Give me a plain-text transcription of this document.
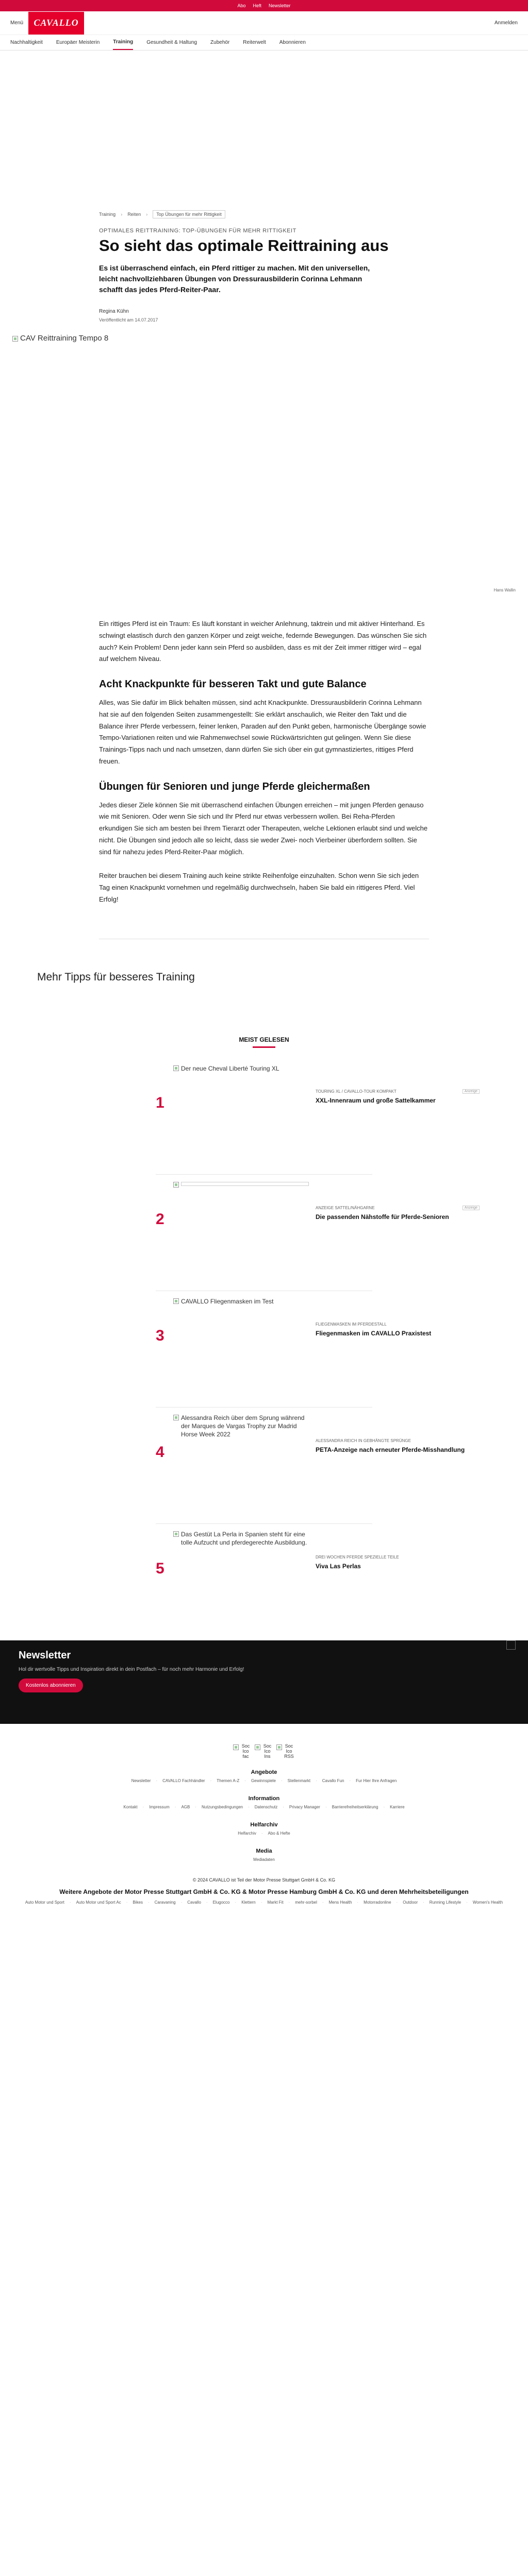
Abo Heft Newsletter
Menü	CAVALLO	Anmelden
Nachhaltigkeit	Europäer Meisterin	Training	Gesundheit & Haltung	Zubehör	Reiterwelt	Abonnieren
Training › Reiten ›	Top Übungen für mehr Rittigkeit
OPTIMALES REITTRAINING: TOP-ÜBUNGEN FÜR MEHR RITTIGKEIT
So sieht das optimale Reittraining aus

Es ist überraschend einfach, ein Pferd rittiger zu machen. Mit den universellen, leicht nachvollziehbaren Übungen von Dressurausbilderin Corinna Lehmann schafft das jedes Pferd-Reiter-Paar.

Regina Kühn
Veröffentlicht am 14.07.2017
CAV Reittraining Tempo 8
Hans Wallin

Ein rittiges Pferd ist ein Traum: Es läuft konstant in weicher Anlehnung, taktrein und mit aktiver Hinterhand. Es schwingt elastisch durch den ganzen Körper und zeigt weiche, federnde Bewegungen. Das wünschen Sie sich auch? Kein Problem! Denn jeder kann sein Pferd so ausbilden, dass es mit der Zeit immer rittiger wird – egal auf welchem Niveau.

Acht Knackpunkte für besseren Takt und gute Balance

Alles, was Sie dafür im Blick behalten müssen, sind acht Knackpunkte. Dressurausbilderin Corinna Lehmann hat sie auf den folgenden Seiten zusammengestellt: Sie erklärt anschaulich, wie Reiter den Takt und die Balance ihrer Pferde verbessern, feiner lenken, Paraden auf den Punkt geben, harmonische Übergänge sowie Tempo-Variationen reiten und wie Rahmenwechsel sowie Rückwärtsrichten gut gelingen. Wenn Sie diese Trainings-Tipps nach und nach umsetzen, dann dürfen Sie sich über ein gut gymnastiziertes, rittiges Pferd freuen.

Übungen für Senioren und junge Pferde gleichermaßen

Jedes dieser Ziele können Sie mit überraschend einfachen Übungen erreichen – mit jungen Pferden genauso wie mit Senioren. Oder wenn Sie sich und Ihr Pferd nur etwas verbessern wollen. Bei Reha-Pferden erkundigen Sie sich am besten bei Ihrem Tierarzt oder Therapeuten, welche Lektionen erlaubt sind und welche nicht. Die Übungen sind jedoch alle so leicht, dass sie weder Zwei- noch Vierbeiner überfordern sollten. Sie sind für nahezu jedes Pferd-Reiter-Paar möglich.

Reiter brauchen bei diesem Training auch keine strikte Reihenfolge einzuhalten. Schon wenn Sie sich jeden Tag einen Knackpunkt vornehmen und regelmäßig durchwechseln, haben Sie bald ein rittigeres Pferd. Viel Erfolg!

Mehr Tipps für besseres Training
MEIST GELESEN
1
Der neue Cheval Liberté Touring XL
TOURING XL / CAVALLO-TOUR KOMPAKT	Anzeige
XXL-Innenraum und große Sattelkammer
2
ANZEIGE SATTEL/NÄHGARNE	Anzeige
Die passenden Nähstoffe für Pferde-Senioren
3
CAVALLO Fliegenmasken im Test
FLIEGENMASKEN IM PFERDESTALL
Fliegenmasken im CAVALLO Praxistest
4
Alessandra Reich über dem Sprung während der Marques de Vargas Trophy zur Madrid Horse Week 2022
ALESSANDRA REICH IN GEBHÄNGTE SPRÜNGE
PETA-Anzeige nach erneuter Pferde-Misshandlung
5
Das Gestüt La Perla in Spanien steht für eine tolle Aufzucht und pferdegerechte Ausbildung.
DREI WOCHEN PFERDE SPEZIELLE TEILE
Viva Las Perlas
Newsletter
Hol dir wertvolle Tipps und Inspiration direkt in dein Postfach – für noch mehr Harmonie und Erfolg!
Kostenlos abonnieren
Soc Ico fac
Soc Ico Ins
Soc Ico RSS
Angebote
Newsletter · CAVALLO Fachhändler · Themen A-Z · Gewinnspiele · Stellenmarkt · Cavallo Fun · Fur Hier Ihre Anfragen
Information
Kontakt · Impressum · AGB · Nutzungsbedingungen · Datenschutz · Privacy Manager · Barrierefreiheitserklärung · Karriere
Helfarchiv
Helfarchiv · Abo & Hefte
Media
Mediadaten
© 2024 CAVALLO ist Teil der Motor Presse Stuttgart GmbH & Co. KG
Weitere Angebote der Motor Presse Stuttgart GmbH & Co. KG & Motor Presse Hamburg GmbH & Co. KG und deren Mehrheitsbeteiligungen
Auto Motor und Sport · Auto Motor und Sport Ac · Bikes · Caravaning · Cavallo · Elugocco · Klettern · Markt Fit · mehr-sorbel · Mens Health · Motorradonline · Outdoor · Running Lifestyle · Women's Health
